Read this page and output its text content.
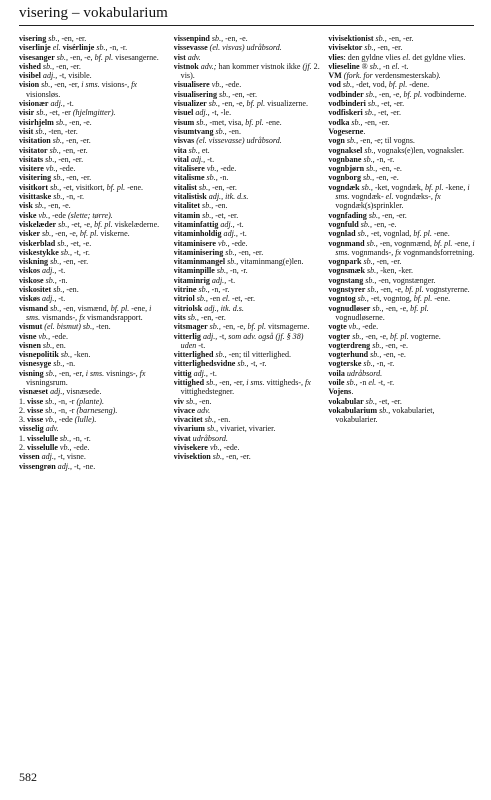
visering – vokabularium
visering sb., -en, -er.
viserlinje el. visérlinje sb., -n, -r.
visesanger sb., -en, -e, bf. pl. visesangerne.
vished sb., -en, -er.
visibel adj., -t, visible.
vision sb., -en, -er, i sms. visions-, fx visionsløs.
visionær adj., -t.
visir sb., -et, -er (hjelmgitter).
visirhjelm sb., -en, -e.
visit sb., -ten, -ter.
visitation sb., -en, -er.
visitator sb., -en, -er.
visitats sb., -en, -er.
visitere vb., -ede.
visitering sb., -en, -er.
visitkort sb., -et, visitkort, bf. pl. -ene.
visittaske sb., -n, -r.
visk sb., -en, -e.
viske vb., -ede (slette; tørre).
viskelæder sb., -et, -e, bf. pl. viskelæderne.
visker sb., -en, -e, bf. pl. viskerne.
viskerblad sb., -et, -e.
viskestykke sb., -t, -r.
viskning sb., -en, -er.
viskos adj., -t.
viskose sb., -n.
viskositet sb., -en.
viskøs adj., -t.
vismand sb., -en, vismænd, bf. pl. -ene, i sms. vismands-, fx vismandsrapport.
vismut (el. bismut) sb., -ten.
visne vb., -ede.
visnen sb., en.
visnepolitik sb., -ken.
visnesyge sb., -n.
visning sb., -en, -er, i sms. visnings-, fx visningsrum.
visnæset adj., visnæsede.
1. visse sb., -n, -r (plante).
2. visse sb., -n, -r (barneseng).
3. visse vb., -ede (lulle).
visselig adv.
1. visselulle sb., -n, -r.
2. visselulle vb., -ede.
vissen adj., -t, visne.
vissengrøn adj., -t, -ne.
vissenpind sb., -en, -e.
vissevasse (el. visvas) udråbsord.
vist adv.
vistnok adv.; han kommer vistnok ikke (jf. 2. vis).
visualisere vb., -ede.
visualisering sb., -en, -er.
visualizer sb., -en, -e, bf. pl. visualizerne.
visuel adj., -t, -le.
visum sb., -met, visa, bf. pl. -ene.
visumtvang sb., -en.
visvas (el. vissevasse) udråbsord.
vita sb., et.
vital adj., -t.
vitalisere vb., -ede.
vitalisme sb., -n.
vitalist sb., -en, -er.
vitalistisk adj., itk. d.s.
vitalitet sb., -en.
vitamin sb., -et, -er.
vitaminfattig adj., -t.
vitaminholdig adj., -t.
vitaminisere vb., -ede.
vitaminisering sb., -en, -er.
vitaminmangel sb., vitaminmang(e)len.
vitaminpille sb., -n, -r.
vitaminrig adj., -t.
vitrine sb., -n, -r.
vitriol sb., -en el. -et, -er.
vitriolsk adj., itk. d.s.
vits sb., -en, -er.
vitsmager sb., -en, -e, bf. pl. vitsmagerne.
vitterlig adj., -t, som adv. også (jf. § 38) uden -t.
vitterlighed sb., -en; til vitterlighed.
vitterlighedsvidne sb., -t, -r.
vittig adj., -t.
vittighed sb., -en, -er, i sms. vittigheds-, fx vittighedstegner.
viv sb., -en.
vivace adv.
vivacitet sb., -en.
vivarium sb., vivariet, vivarier.
vivat udråbsord.
vivisekere vb., -ede.
vivisektion sb., -en, -er.
vivisektionist sb., -en, -er.
vivisektor sb., -en, -er.
vlies: den gyldne vlies el. det gyldne vlies.
vlieseline ® sb., -n el. -t.
VM (fork. for verdensmesterskab).
vod sb., -det, vod, bf. pl. -dene.
vodbinder sb., -en, -e, bf. pl. vodbinderne.
vodbinderi sb., -et, -er.
vodfiskeri sb., -et, -er.
vodka sb., -en, -er.
Vogeserne.
vogn sb., -en, -e; til vogns.
vognaksel sb., vognaks(e)len, vognaksler.
vognbane sb., -n, -r.
vognbjørn sb., -en, -e.
vognborg sb., -en, -e.
vogndæk sb., -ket, vogndæk, bf. pl. -kene, i sms. vogndæk- el. vogndæks-, fx vogndæk(s)sprinkler.
vognfading sb., -en, -er.
vognfuld sb., -en, -e.
vognlad sb., -et, vognlad, bf. pl. -ene.
vognmand sb., -en, vognmænd, bf. pl. -ene, i sms. vognmands-, fx vognmandsforretning.
vognpark sb., -en, -er.
vognsmæk sb., -ken, -ker.
vognstang sb., -en, vognstænger.
vognstyrer sb., -en, -e, bf. pl. vognstyrerne.
vogntog sb., -et, vogntog, bf. pl. -ene.
vognudløser sb., -en, -e, bf. pl. vognudløserne.
vogte vb., -ede.
vogter sb., -en, -e, bf. pl. vogterne.
vogterdreng sb., -en, -e.
vogterhund sb., -en, -e.
vogterske sb., -n, -r.
voila udråbsord.
voile sb., -n el. -t, -r.
Vojens.
vokabular sb., -et, -er.
vokabularium sb., vokabulariet, vokabularier.
582
